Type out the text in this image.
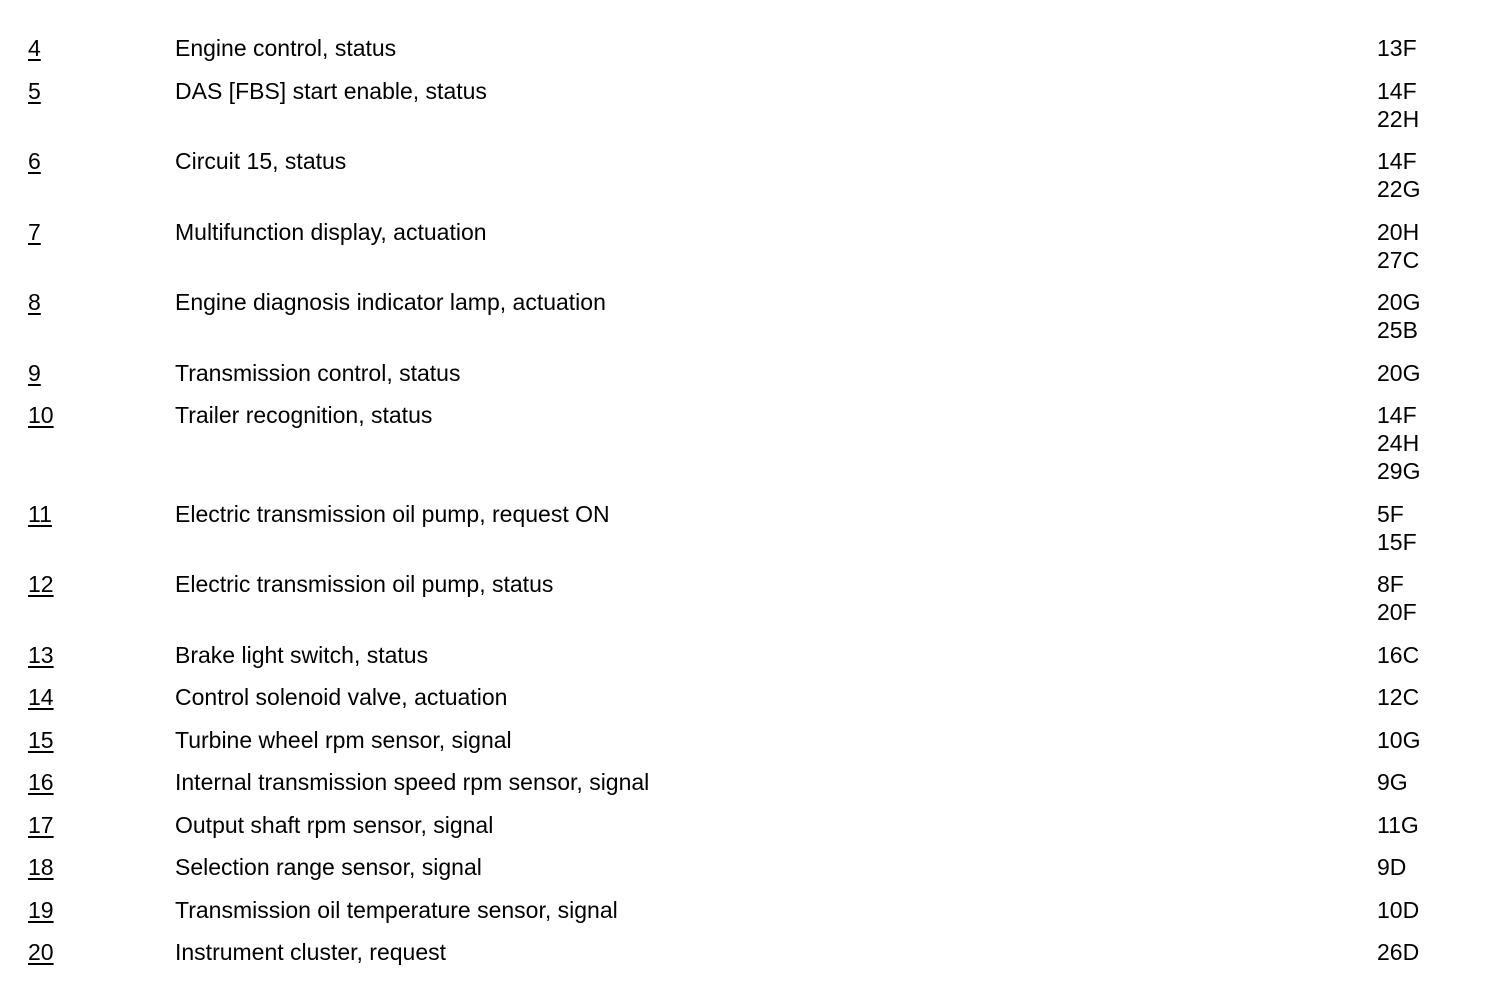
4	Engine control, status	13F
5	DAS [FBS] start enable, status	14F
22H
6	Circuit 15, status	14F
22G
7	Multifunction display, actuation	20H
27C
8	Engine diagnosis indicator lamp, actuation	20G
25B
9	Transmission control, status	20G
10	Trailer recognition, status	14F
24H
29G
11	Electric transmission oil pump, request ON	5F
15F
12	Electric transmission oil pump, status	8F
20F
13	Brake light switch, status	16C
14	Control solenoid valve, actuation	12C
15	Turbine wheel rpm sensor, signal	10G
16	Internal transmission speed rpm sensor, signal	9G
17	Output shaft rpm sensor, signal	11G
18	Selection range sensor, signal	9D
19	Transmission oil temperature sensor, signal	10D
20	Instrument cluster, request	26D
